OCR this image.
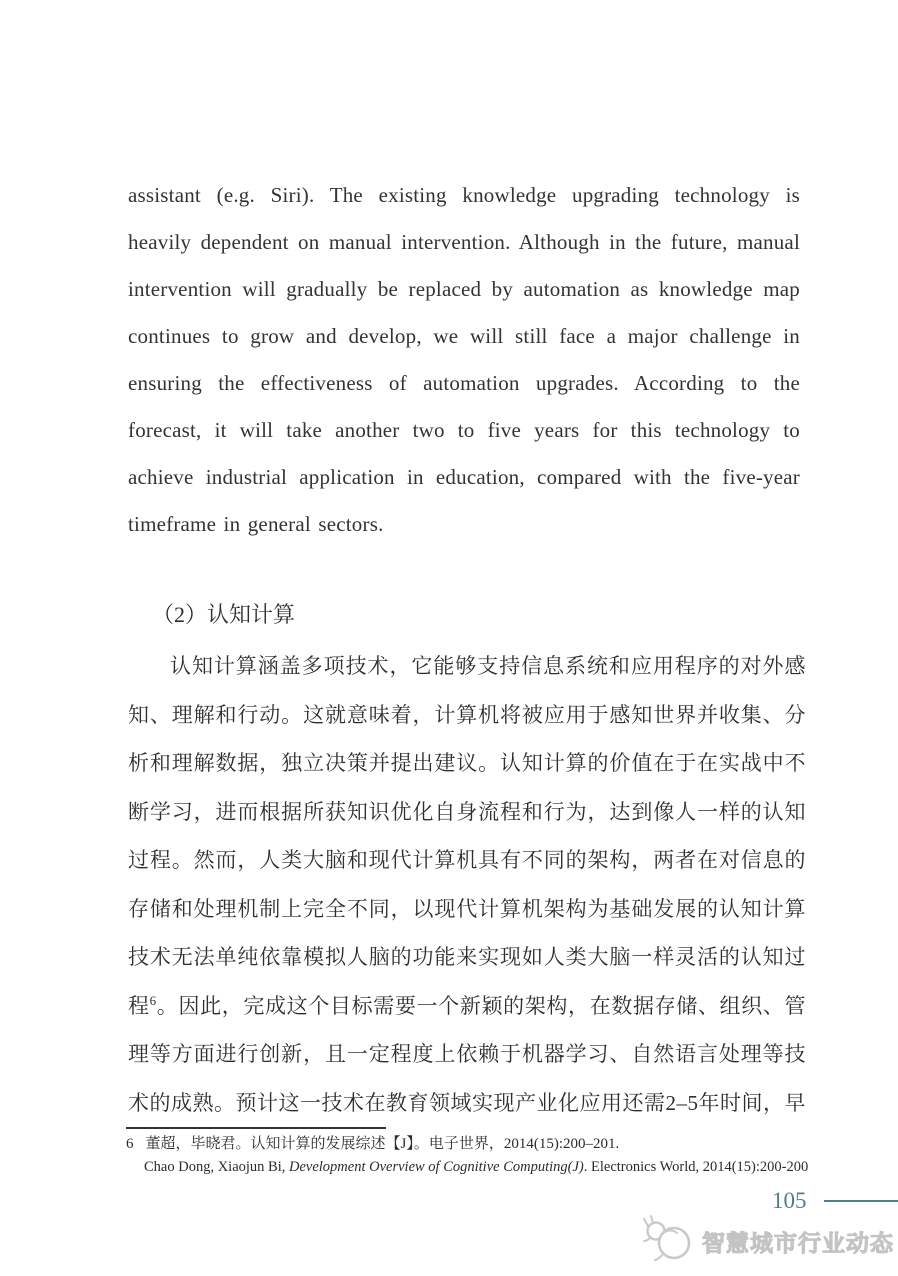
assistant (e.g. Siri). The existing knowledge upgrading technology is heavily dependent on manual intervention. Although in the future, manual intervention will gradually be replaced by automation as knowledge map continues to grow and develop, we will still face a major challenge in ensuring the effectiveness of automation upgrades. According to the forecast, it will take another two to five years for this technology to achieve industrial application in education, compared with the five-year timeframe in general sectors.

（2）认知计算

认知计算涵盖多项技术，它能够支持信息系统和应用程序的对外感知、理解和行动。这就意味着，计算机将被应用于感知世界并收集、分析和理解数据，独立决策并提出建议。认知计算的价值在于在实战中不断学习，进而根据所获知识优化自身流程和行为，达到像人一样的认知过程。然而，人类大脑和现代计算机具有不同的架构，两者在对信息的存储和处理机制上完全不同，以现代计算机架构为基础发展的认知计算技术无法单纯依靠模拟人脑的功能来实现如人类大脑一样灵活的认知过程$^6$。因此，完成这个目标需要一个新颖的架构，在数据存储、组织、管理等方面进行创新，且一定程度上依赖于机器学习、自然语言处理等技术的成熟。预计这一技术在教育领域实现产业化应用还需2–5年时间，早

6 董超，毕晓君。认知计算的发展综述【J】。电子世界，2014(15):200–201.
Chao Dong, Xiaojun Bi, Development Overview of Cognitive Computing(J). Electronics World, 2014(15):200-200
105
智慧城市行业动态
